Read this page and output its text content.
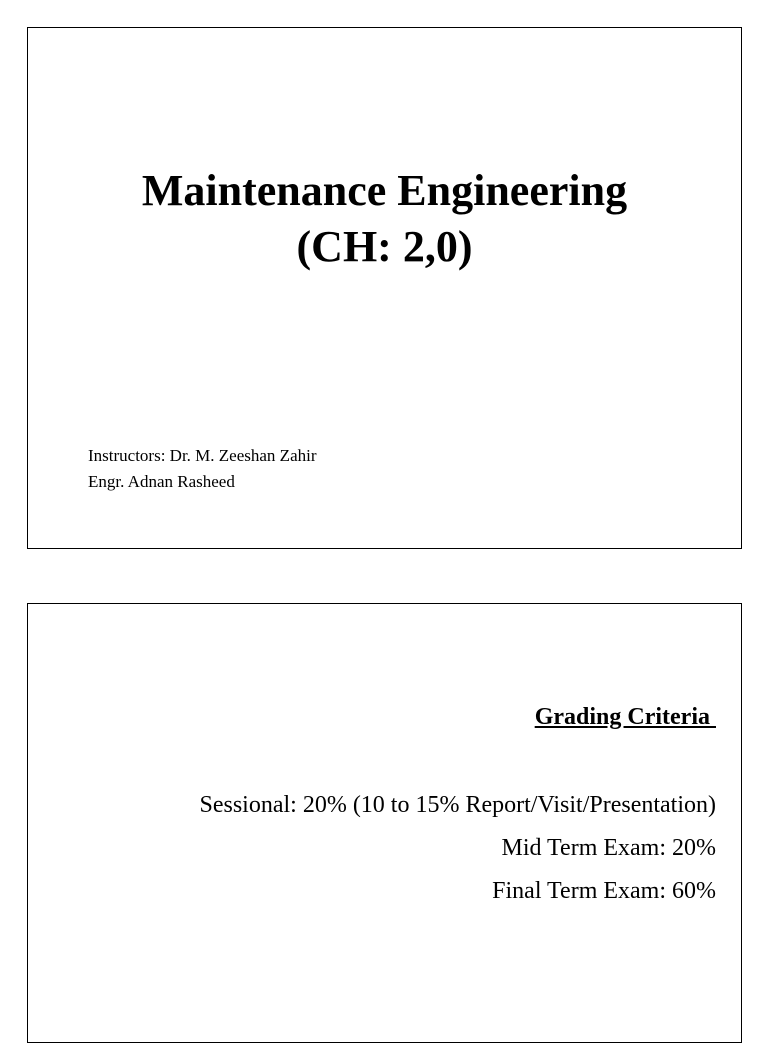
Maintenance Engineering
(CH: 2,0)
Instructors: Dr. M. Zeeshan Zahir
Engr. Adnan Rasheed
Grading Criteria
Sessional: 20% (10 to 15% Report/Visit/Presentation)
Mid Term Exam: 20%
Final Term Exam: 60%
